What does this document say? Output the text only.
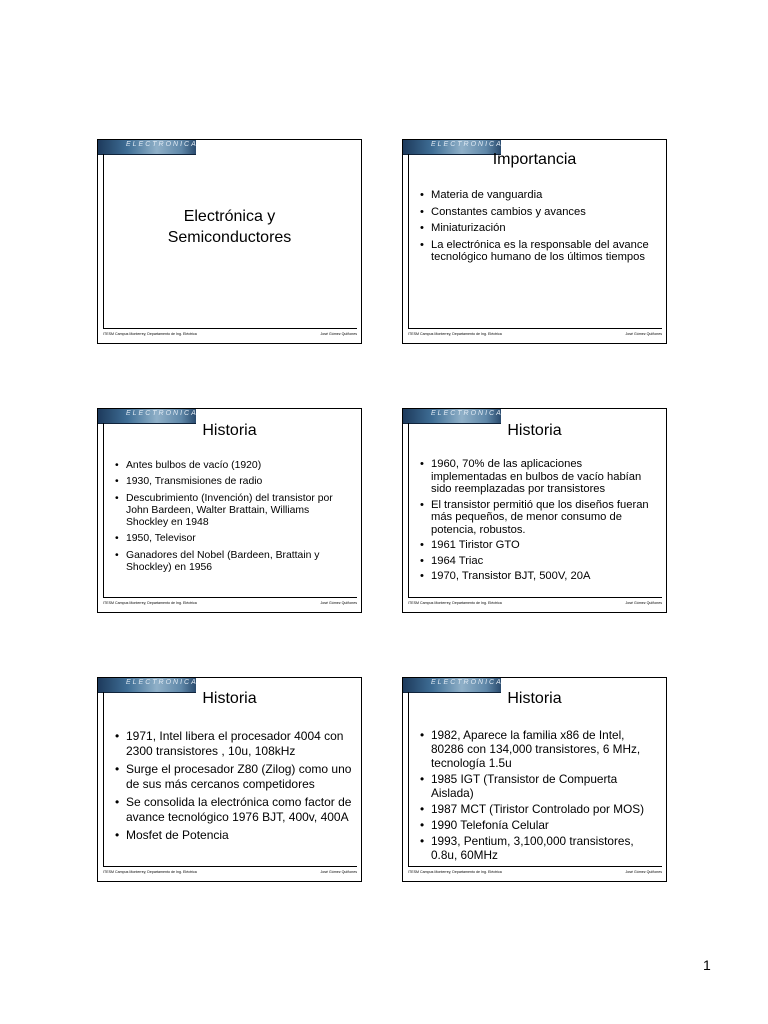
ELECTRONICA
Electrónica y
Semiconductores
ITESM Campus Monterrey, Departamento de Ing. Eléctrica	José Gómez Quiñones
ELECTRONICA
Importancia
• Materia de vanguardia
• Constantes cambios y avances
• Miniaturización
• La electrónica es la responsable del avance tecnológico humano de los últimos tiempos
ITESM Campus Monterrey, Departamento de Ing. Eléctrica	José Gómez Quiñones
ELECTRONICA
Historia
• Antes bulbos de vacío (1920)
• 1930, Transmisiones de radio
• Descubrimiento (Invención) del transistor por John Bardeen, Walter Brattain, Williams Shockley en 1948
• 1950, Televisor
• Ganadores del Nobel (Bardeen, Brattain y Shockley) en 1956
ITESM Campus Monterrey, Departamento de Ing. Eléctrica	José Gómez Quiñones
ELECTRONICA
Historia
• 1960, 70% de las aplicaciones implementadas en bulbos de vacío habían sido reemplazadas por transistores
• El transistor permitió que los diseños fueran más pequeños, de menor consumo de potencia, robustos.
• 1961 Tiristor GTO
• 1964 Triac
• 1970, Transistor BJT, 500V, 20A
ITESM Campus Monterrey, Departamento de Ing. Eléctrica	José Gómez Quiñones
ELECTRONICA
Historia
• 1971, Intel libera el procesador 4004 con 2300 transistores , 10u, 108kHz
• Surge el procesador Z80 (Zilog) como uno de sus más cercanos competidores
• Se consolida la electrónica como factor de avance tecnológico 1976 BJT, 400v, 400A
• Mosfet de Potencia
ITESM Campus Monterrey, Departamento de Ing. Eléctrica	José Gómez Quiñones
ELECTRONICA
Historia
• 1982, Aparece la familia x86 de Intel, 80286 con 134,000 transistores, 6 MHz, tecnología 1.5u
• 1985 IGT (Transistor de Compuerta Aislada)
• 1987 MCT (Tiristor Controlado por MOS)
• 1990 Telefonía Celular
• 1993, Pentium, 3,100,000 transistores, 0.8u, 60MHz
ITESM Campus Monterrey, Departamento de Ing. Eléctrica	José Gómez Quiñones
1
